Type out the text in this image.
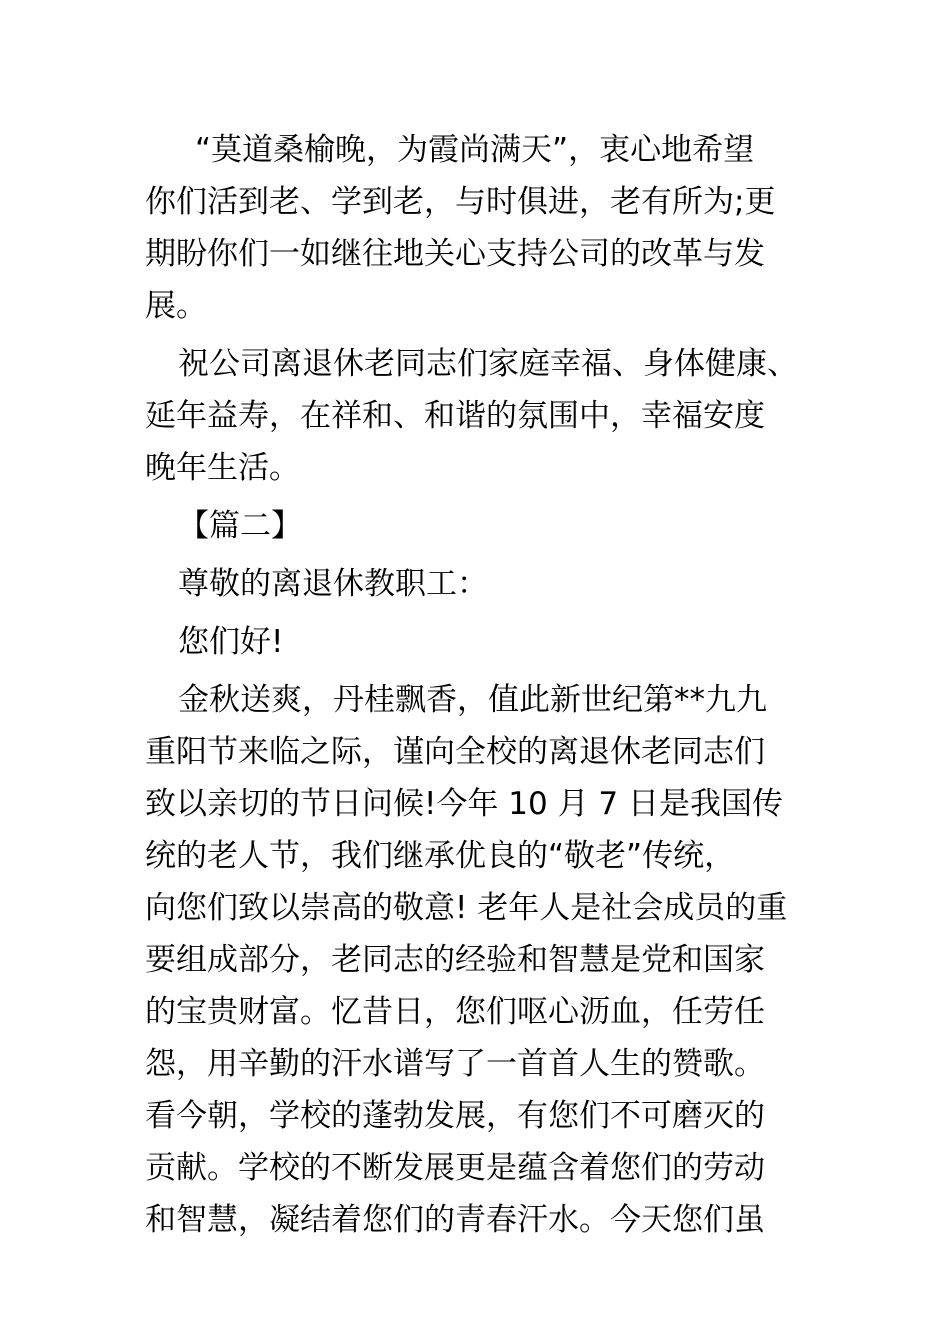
“莫道桑榆晚，为霞尚满天”，衷心地希望
你们活到老、学到老，与时俱进，老有所为;更
期盼你们一如继往地关心支持公司的改革与发
展。
祝公司离退休老同志们家庭幸福、身体健康、
延年益寿，在祥和、和谐的氛围中，幸福安度
晚年生活。
【篇二】
尊敬的离退休教职工：
您们好!
金秋送爽，丹桂飘香，值此新世纪第**九九
重阳节来临之际，谨向全校的离退休老同志们
致以亲切的节日问候!今年 10 月 7 日是我国传
统的老人节，我们继承优良的“敬老”传统，
向您们致以崇高的敬意! 老年人是社会成员的重
要组成部分，老同志的经验和智慧是党和国家
的宝贵财富。忆昔日，您们呕心沥血，任劳任
怨，用辛勤的汗水谱写了一首首人生的赞歌。
看今朝，学校的蓬勃发展，有您们不可磨灭的
贡献。学校的不断发展更是蕴含着您们的劳动
和智慧，凝结着您们的青春汗水。今天您们虽
